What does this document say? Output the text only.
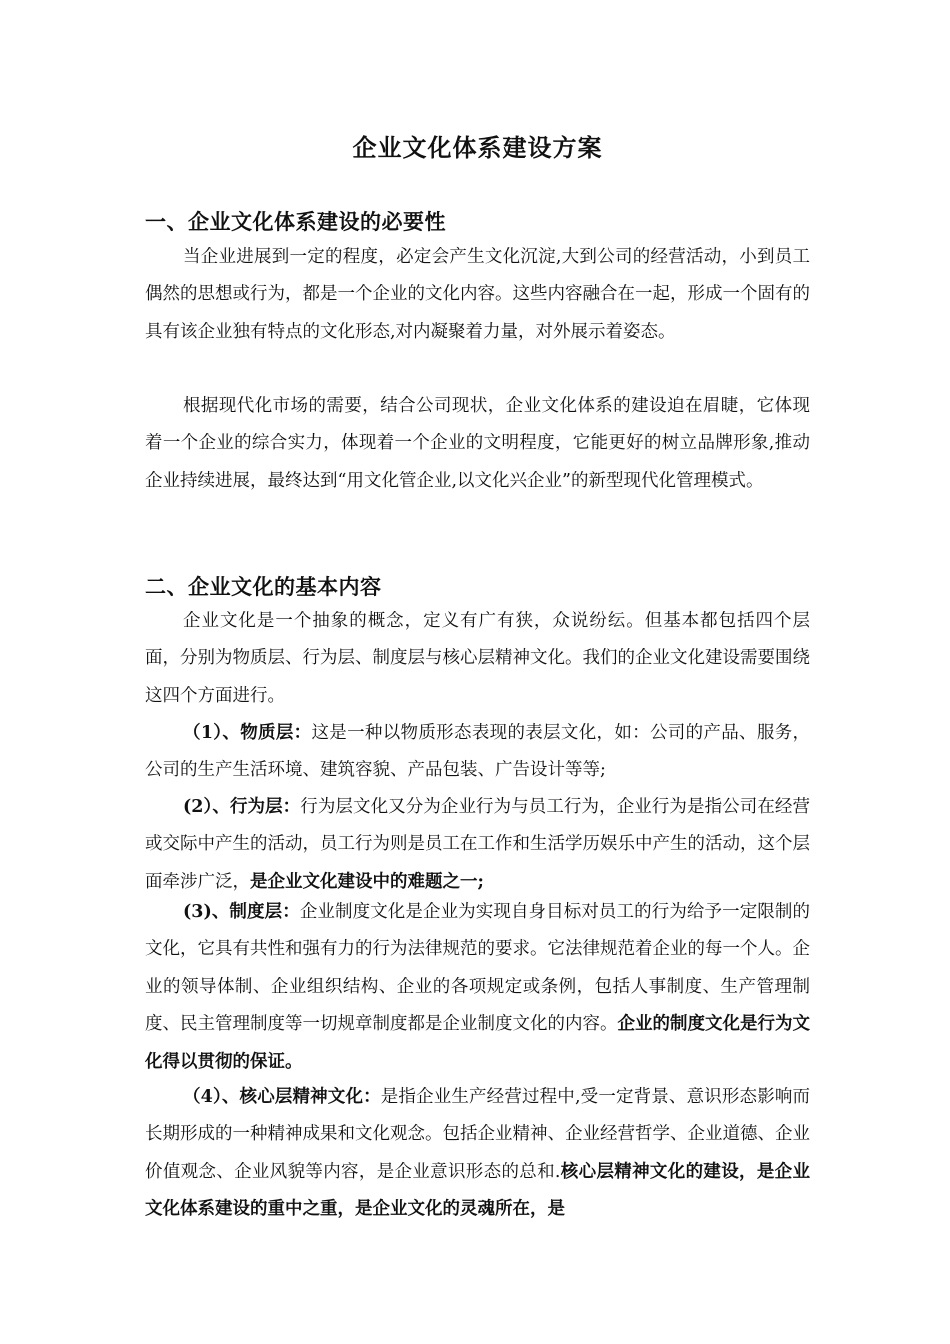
企业文化体系建设方案
一、企业文化体系建设的必要性

当企业进展到一定的程度，必定会产生文化沉淀,大到公司的经营活动，小到员工偶然的思想或行为，都是一个企业的文化内容。这些内容融合在一起，形成一个固有的具有该企业独有特点的文化形态,对内凝聚着力量，对外展示着姿态。

根据现代化市场的需要，结合公司现状，企业文化体系的建设迫在眉睫，它体现着一个企业的综合实力，体现着一个企业的文明程度，它能更好的树立品牌形象,推动企业持续进展，最终达到“用文化管企业,以文化兴企业”的新型现代化管理模式。

二、企业文化的基本内容

企业文化是一个抽象的概念，定义有广有狭，众说纷纭。但基本都包括四个层面，分别为物质层、行为层、制度层与核心层精神文化。我们的企业文化建设需要围绕这四个方面进行。

（1）、物质层：这是一种以物质形态表现的表层文化，如：公司的产品、服务，公司的生产生活环境、建筑容貌、产品包装、广告设计等等;

(2）、行为层：行为层文化又分为企业行为与员工行为，企业行为是指公司在经营或交际中产生的活动，员工行为则是员工在工作和生活学历娱乐中产生的活动，这个层面牵涉广泛，是企业文化建设中的难题之一;

(3)、制度层：企业制度文化是企业为实现自身目标对员工的行为给予一定限制的文化，它具有共性和强有力的行为法律规范的要求。它法律规范着企业的每一个人。企业的领导体制、企业组织结构、企业的各项规定或条例，包括人事制度、生产管理制度、民主管理制度等一切规章制度都是企业制度文化的内容。企业的制度文化是行为文化得以贯彻的保证。

（4）、核心层精神文化：是指企业生产经营过程中,受一定背景、意识形态影响而长期形成的一种精神成果和文化观念。包括企业精神、企业经营哲学、企业道德、企业价值观念、企业风貌等内容，是企业意识形态的总和.核心层精神文化的建设，是企业文化体系建设的重中之重，是企业文化的灵魂所在，是
